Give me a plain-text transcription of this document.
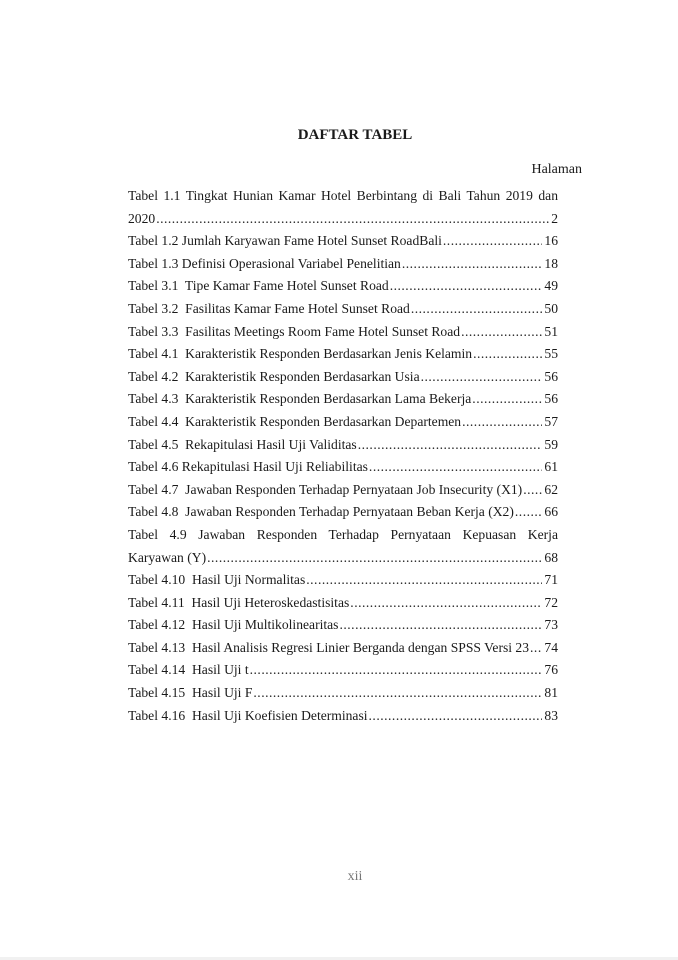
DAFTAR TABEL
Halaman
Tabel 1.1 Tingkat Hunian Kamar Hotel Berbintang di Bali Tahun 2019 dan
2020 .....	2
Tabel 1.2 Jumlah Karyawan Fame Hotel Sunset RoadBali .....	16
Tabel 1.3 Definisi Operasional Variabel Penelitian .....	18
Tabel 3.1  Tipe Kamar Fame Hotel Sunset Road .....	49
Tabel 3.2  Fasilitas Kamar Fame Hotel Sunset Road .....	50
Tabel 3.3  Fasilitas Meetings Room Fame Hotel Sunset Road .....	51
Tabel 4.1  Karakteristik Responden Berdasarkan Jenis Kelamin .....	55
Tabel 4.2  Karakteristik Responden Berdasarkan Usia .....	56
Tabel 4.3  Karakteristik Responden Berdasarkan Lama Bekerja .....	56
Tabel 4.4  Karakteristik Responden Berdasarkan Departemen .....	57
Tabel 4.5  Rekapitulasi Hasil Uji Validitas .....	59
Tabel 4.6 Rekapitulasi Hasil Uji Reliabilitas .....	61
Tabel 4.7  Jawaban Responden Terhadap Pernyataan Job Insecurity (X1) ..... 62
Tabel 4.8  Jawaban Responden Terhadap Pernyataan Beban Kerja (X2) ..... 66
Tabel 4.9 Jawaban Responden Terhadap Pernyataan Kepuasan Kerja
Karyawan (Y) .....	68
Tabel 4.10  Hasil Uji Normalitas .....	71
Tabel 4.11  Hasil Uji Heteroskedastisitas .....	72
Tabel 4.12  Hasil Uji Multikolinearitas .....	73
Tabel 4.13  Hasil Analisis Regresi Linier Berganda dengan SPSS Versi 23 ..... 74
Tabel 4.14  Hasil Uji t .....	76
Tabel 4.15  Hasil Uji F .....	81
Tabel 4.16  Hasil Uji Koefisien Determinasi .....	83
xii
